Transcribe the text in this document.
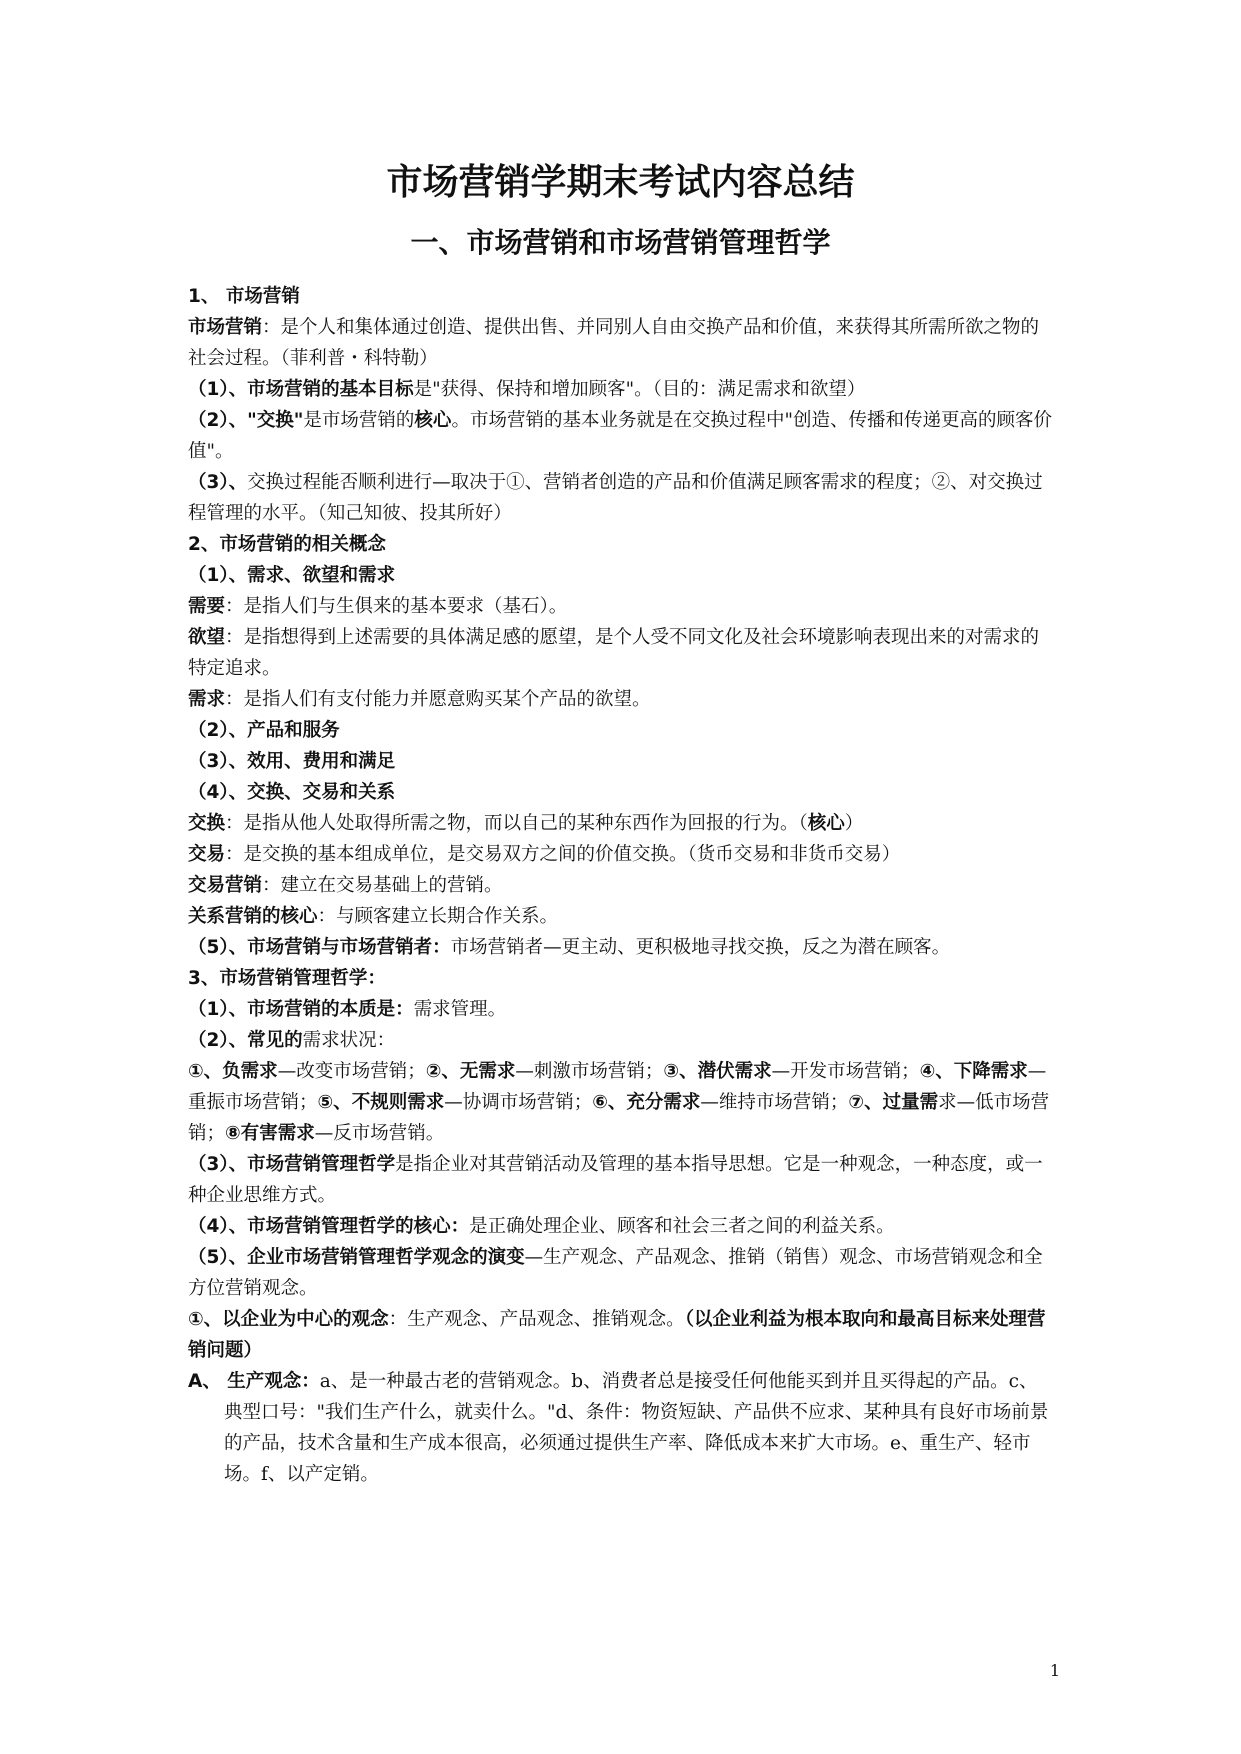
市场营销学期末考试内容总结
一、市场营销和市场营销管理哲学

1、 市场营销

市场营销：是个人和集体通过创造、提供出售、并同别人自由交换产品和价值，来获得其所需所欲之物的社会过程。（菲利普・科特勒）

（1）、市场营销的基本目标是"获得、保持和增加顾客"。（目的：满足需求和欲望）

（2）、"交换"是市场营销的核心。市场营销的基本业务就是在交换过程中"创造、传播和传递更高的顾客价值"。

（3）、交换过程能否顺利进行—取决于①、营销者创造的产品和价值满足顾客需求的程度；②、对交换过程管理的水平。（知己知彼、投其所好）

2、市场营销的相关概念

（1）、需求、欲望和需求

需要：是指人们与生俱来的基本要求（基石）。

欲望：是指想得到上述需要的具体满足感的愿望，是个人受不同文化及社会环境影响表现出来的对需求的特定追求。

需求：是指人们有支付能力并愿意购买某个产品的欲望。

（2）、产品和服务

（3）、效用、费用和满足

（4）、交换、交易和关系

交换：是指从他人处取得所需之物，而以自己的某种东西作为回报的行为。（核心）

交易：是交换的基本组成单位，是交易双方之间的价值交换。（货币交易和非货币交易）

交易营销：建立在交易基础上的营销。

关系营销的核心：与顾客建立长期合作关系。

（5）、市场营销与市场营销者：市场营销者—更主动、更积极地寻找交换，反之为潜在顾客。

3、市场营销管理哲学：

（1）、市场营销的本质是：需求管理。

（2）、常见的需求状况：

①、负需求—改变市场营销；②、无需求—刺激市场营销；③、潜伏需求—开发市场营销；④、下降需求—重振市场营销；⑤、不规则需求—协调市场营销；⑥、充分需求—维持市场营销；⑦、过量需求—低市场营销；⑧有害需求—反市场营销。

（3）、市场营销管理哲学是指企业对其营销活动及管理的基本指导思想。它是一种观念，一种态度，或一种企业思维方式。

（4）、市场营销管理哲学的核心：是正确处理企业、顾客和社会三者之间的利益关系。

（5）、企业市场营销管理哲学观念的演变—生产观念、产品观念、推销（销售）观念、市场营销观念和全方位营销观念。

①、以企业为中心的观念：生产观念、产品观念、推销观念。（以企业利益为根本取向和最高目标来处理营销问题）

A、 生产观念：a、是一种最古老的营销观念。b、消费者总是接受任何他能买到并且买得起的产品。c、典型口号："我们生产什么，就卖什么。"d、条件：物资短缺、产品供不应求、某种具有良好市场前景的产品，技术含量和生产成本很高，必须通过提供生产率、降低成本来扩大市场。e、重生产、轻市场。f、以产定销。

1
